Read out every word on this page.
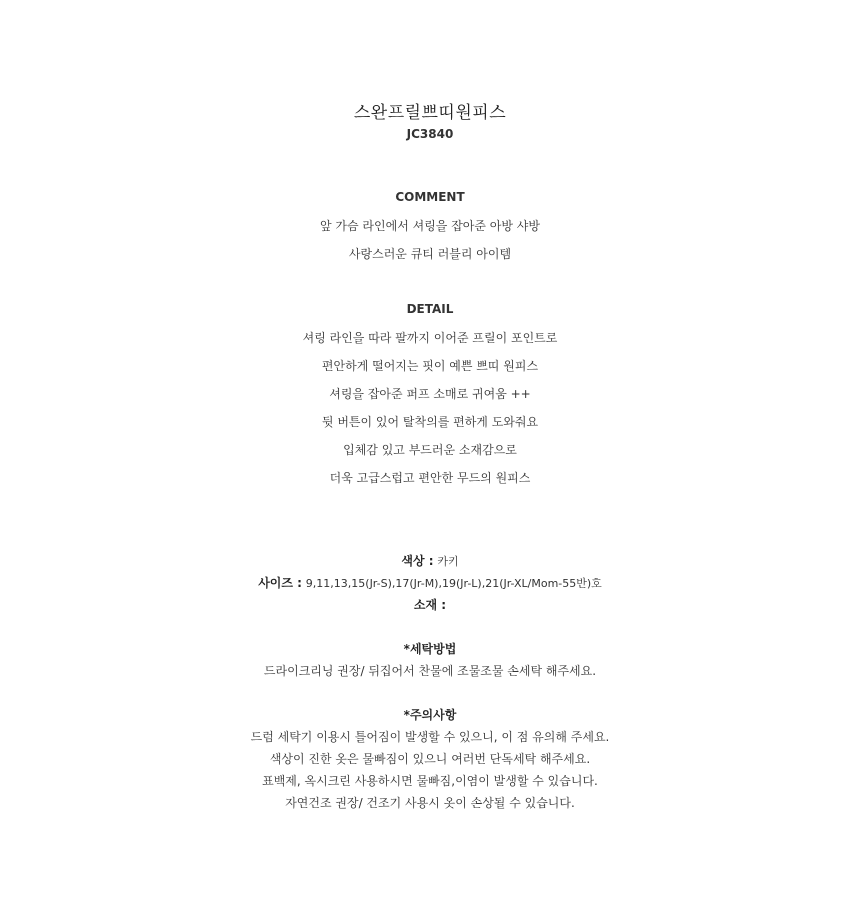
스완프릴쁘띠원피스
JC3840
COMMENT
앞 가슴 라인에서 셔링을 잡아준 아방 샤방
사랑스러운 큐티 러블리 아이템
DETAIL
셔링 라인을 따라 팔까지 이어준 프릴이 포인트로
편안하게 떨어지는 핏이 예쁜 쁘띠 원피스
셔링을 잡아준 퍼프 소매로 귀여움 ++
뒷 버튼이 있어 탈착의를 편하게 도와줘요
입체감 있고 부드러운 소재감으로
더욱 고급스럽고 편안한 무드의 원피스
색상 : 카키
사이즈 : 9,11,13,15(Jr-S),17(Jr-M),19(Jr-L),21(Jr-XL/Mom-55반)호
소재 :
*세탁방법
드라이크리닝 권장/ 뒤집어서 찬물에 조물조물 손세탁 해주세요.
*주의사항
드럼 세탁기 이용시 틀어짐이 발생할 수 있으니, 이 점 유의해 주세요.
색상이 진한 옷은 물빠짐이 있으니 여러번 단독세탁 해주세요.
표백제, 옥시크린 사용하시면 물빠짐,이염이 발생할 수 있습니다.
자연건조 권장/ 건조기 사용시 옷이 손상될 수 있습니다.
